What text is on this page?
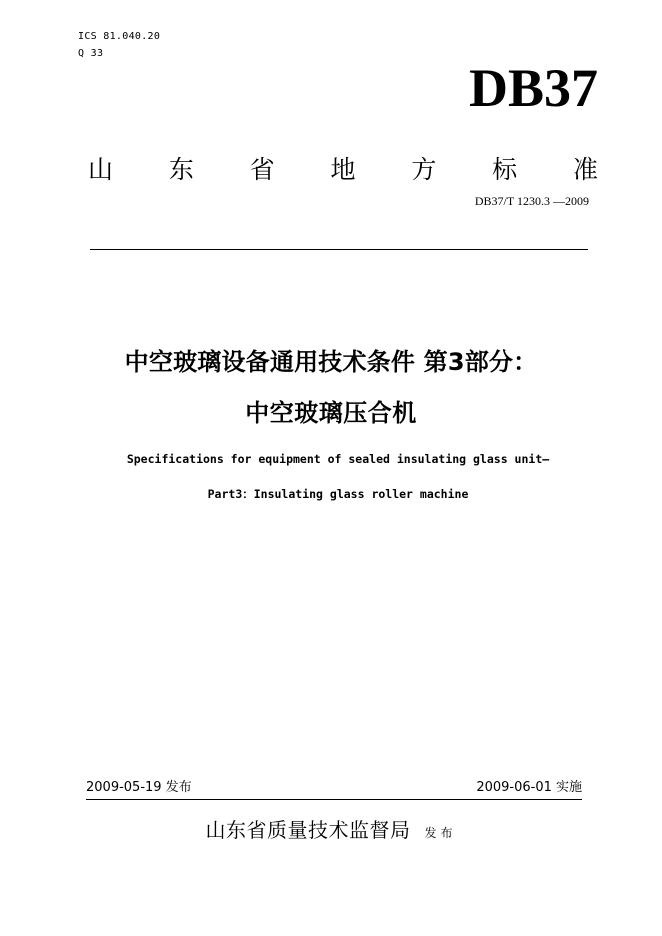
ICS 81.040.20
Q 33
DB37
山 东 省 地 方 标 准
DB37/T 1230.3 —2009
中空玻璃设备通用技术条件 第3部分：
中空玻璃压合机
Specifications for equipment of sealed insulating glass unit—
Part3：Insulating glass roller machine
2009-05-19 发布	2009-06-01 实施
山东省质量技术监督局 发布
